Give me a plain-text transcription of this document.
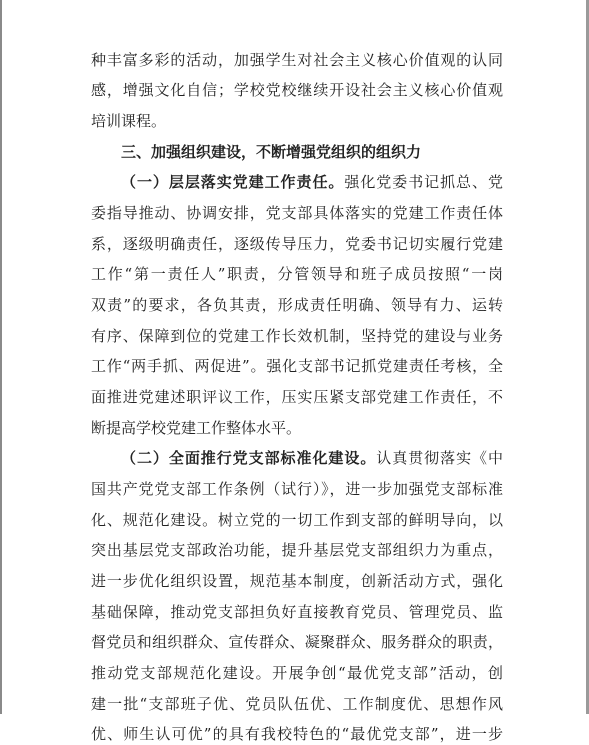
种丰富多彩的活动，加强学生对社会主义核心价值观的认同
感，增强文化自信；学校党校继续开设社会主义核心价值观
培训课程。
三、加强组织建设，不断增强党组织的组织力
（一）层层落实党建工作责任。强化党委书记抓总、党
委指导推动、协调安排，党支部具体落实的党建工作责任体
系，逐级明确责任，逐级传导压力，党委书记切实履行党建
工作“第一责任人”职责，分管领导和班子成员按照“一岗
双责”的要求，各负其责，形成责任明确、领导有力、运转
有序、保障到位的党建工作长效机制，坚持党的建设与业务
工作“两手抓、两促进”。强化支部书记抓党建责任考核，全
面推进党建述职评议工作，压实压紧支部党建工作责任，不
断提高学校党建工作整体水平。
（二）全面推行党支部标准化建设。认真贯彻落实《中
国共产党党支部工作条例（试行）》，进一步加强党支部标准
化、规范化建设。树立党的一切工作到支部的鲜明导向，以
突出基层党支部政治功能，提升基层党支部组织力为重点，
进一步优化组织设置，规范基本制度，创新活动方式，强化
基础保障，推动党支部担负好直接教育党员、管理党员、监
督党员和组织群众、宣传群众、凝聚群众、服务群众的职责，
推动党支部规范化建设。开展争创“最优党支部”活动，创
建一批“支部班子优、党员队伍优、工作制度优、思想作风
优、师生认可优”的具有我校特色的“最优党支部”，进一步
